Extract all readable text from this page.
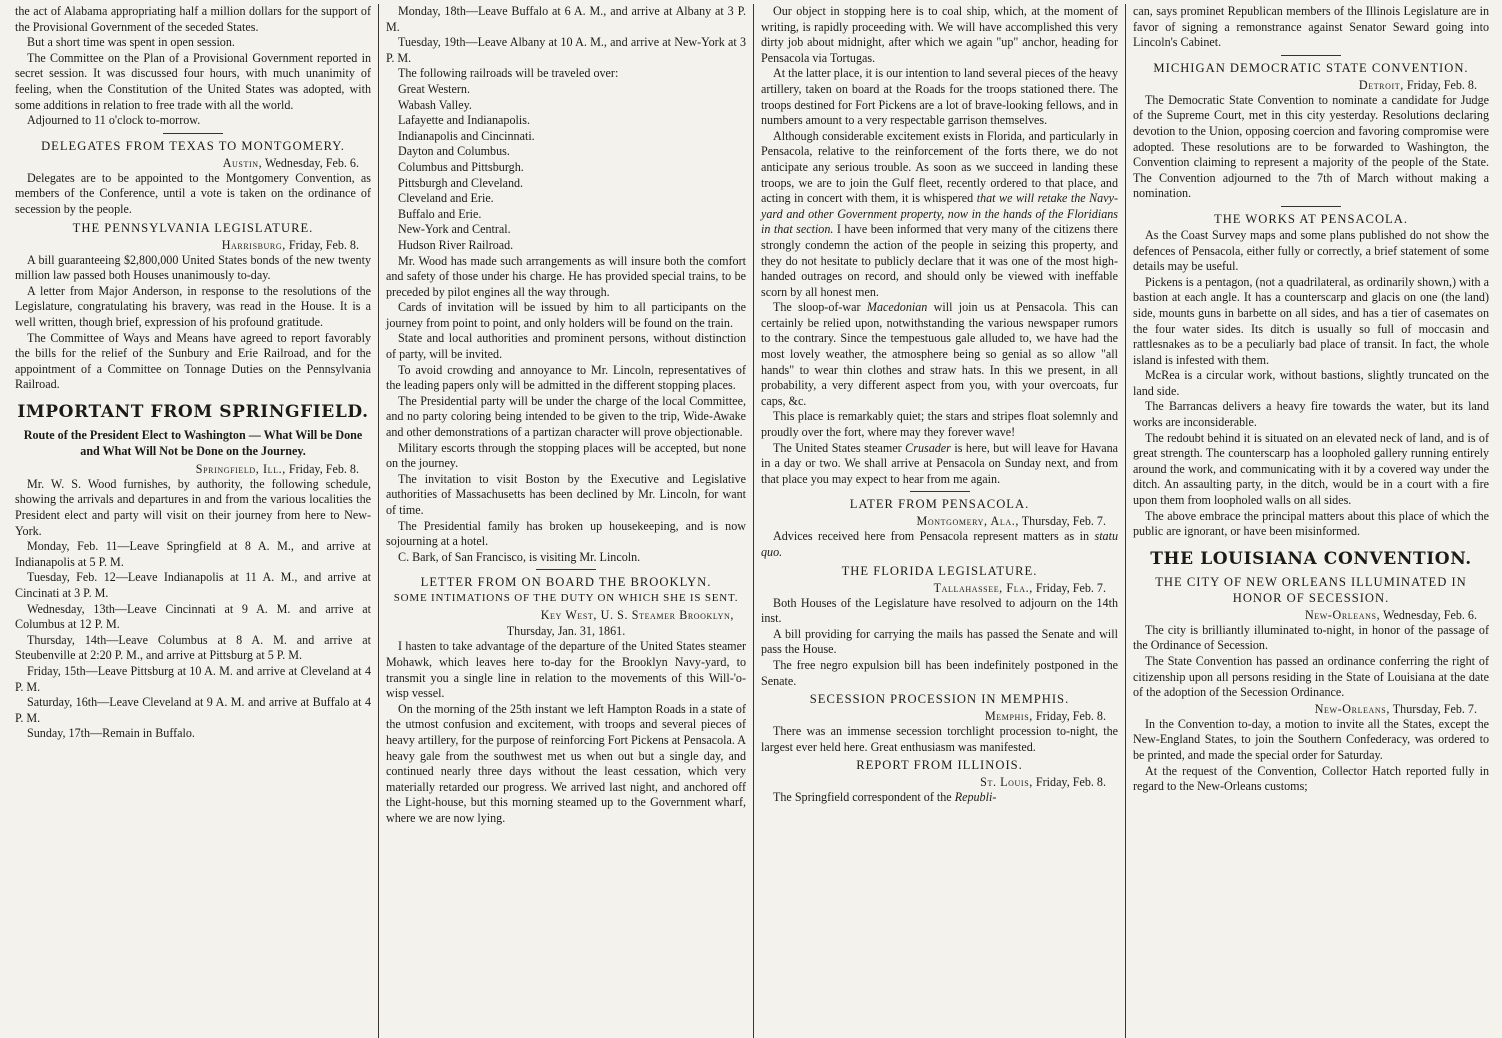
the act of Alabama appropriating half a million dollars for the support of the Provisional Government of the seceded States.

But a short time was spent in open session.

The Committee on the Plan of a Provisional Government reported in secret session. It was discussed four hours, with much unanimity of feeling, when the Constitution of the United States was adopted, with some additions in relation to free trade with all the world.

Adjourned to 11 o'clock to-morrow.

DELEGATES FROM TEXAS TO MONTGOMERY.
Austin, Wednesday, Feb. 6.

Delegates are to be appointed to the Montgomery Convention, as members of the Conference, until a vote is taken on the ordinance of secession by the people.

THE PENNSYLVANIA LEGISLATURE.
Harrisburg, Friday, Feb. 8.

A bill guaranteeing $2,800,000 United States bonds of the new twenty million law passed both Houses unanimously to-day.

A letter from Major Anderson, in response to the resolutions of the Legislature, congratulating his bravery, was read in the House. It is a well written, though brief, expression of his profound gratitude.

The Committee of Ways and Means have agreed to report favorably the bills for the relief of the Sunbury and Erie Railroad, and for the appointment of a Committee on Tonnage Duties on the Pennsylvania Railroad.

IMPORTANT FROM SPRINGFIELD.
Route of the President Elect to Washington — What Will be Done and What Will Not be Done on the Journey.
Springfield, Ill., Friday, Feb. 8.

Mr. W. S. Wood furnishes, by authority, the following schedule, showing the arrivals and departures in and from the various localities the President elect and party will visit on their journey from here to New-York.

Monday, Feb. 11—Leave Springfield at 8 A. M., and arrive at Indianapolis at 5 P. M.

Tuesday, Feb. 12—Leave Indianapolis at 11 A. M., and arrive at Cincinati at 3 P. M.

Wednesday, 13th—Leave Cincinnati at 9 A. M. and arrive at Columbus at 12 P. M.

Thursday, 14th—Leave Columbus at 8 A. M. and arrive at Steubenville at 2:20 P. M., and arrive at Pittsburg at 5 P. M.

Friday, 15th—Leave Pittsburg at 10 A. M. and arrive at Cleveland at 4 P. M.

Saturday, 16th—Leave Cleveland at 9 A. M. and arrive at Buffalo at 4 P. M.

Sunday, 17th—Remain in Buffalo.

Monday, 18th—Leave Buffalo at 6 A. M., and arrive at Albany at 3 P. M.

Tuesday, 19th—Leave Albany at 10 A. M., and arrive at New-York at 3 P. M.

The following railroads will be traveled over:

Great Western.
Wabash Valley.
Lafayette and Indianapolis.
Indianapolis and Cincinnati.
Dayton and Columbus.
Columbus and Pittsburgh.
Pittsburgh and Cleveland.
Cleveland and Erie.
Buffalo and Erie.
New-York and Central.
Hudson River Railroad.

Mr. Wood has made such arrangements as will insure both the comfort and safety of those under his charge. He has provided special trains, to be preceded by pilot engines all the way through.

Cards of invitation will be issued by him to all participants on the journey from point to point, and only holders will be found on the train.

State and local authorities and prominent persons, without distinction of party, will be invited.

To avoid crowding and annoyance to Mr. Lincoln, representatives of the leading papers only will be admitted in the different stopping places.

The Presidential party will be under the charge of the local Committee, and no party coloring being intended to be given to the trip, Wide-Awake and other demonstrations of a partizan character will prove objectionable.

Military escorts through the stopping places will be accepted, but none on the journey.

The invitation to visit Boston by the Executive and Legislative authorities of Massachusetts has been declined by Mr. Lincoln, for want of time.

The Presidential family has broken up housekeeping, and is now sojourning at a hotel.

C. Bark, of San Francisco, is visiting Mr. Lincoln.

LETTER FROM ON BOARD THE BROOKLYN.
SOME INTIMATIONS OF THE DUTY ON WHICH SHE IS SENT.
Key West, U. S. Steamer Brooklyn,
Thursday, Jan. 31, 1861.

I hasten to take advantage of the departure of the United States steamer Mohawk, which leaves here to-day for the Brooklyn Navy-yard, to transmit you a single line in relation to the movements of this Will-'o-wisp vessel.

On the morning of the 25th instant we left Hampton Roads in a state of the utmost confusion and excitement, with troops and several pieces of heavy artillery, for the purpose of reinforcing Fort Pickens at Pensacola. A heavy gale from the southwest met us when out but a single day, and continued nearly three days without the least cessation, which very materially retarded our progress. We arrived last night, and anchored off the Light-house, but this morning steamed up to the Government wharf, where we are now lying.

Our object in stopping here is to coal ship, which, at the moment of writing, is rapidly proceeding with. We will have accomplished this very dirty job about midnight, after which we again "up" anchor, heading for Pensacola via Tortugas.

At the latter place, it is our intention to land several pieces of the heavy artillery, taken on board at the Roads for the troops stationed there. The troops destined for Fort Pickens are a lot of brave-looking fellows, and in numbers amount to a very respectable garrison themselves.

Although considerable excitement exists in Florida, and particularly in Pensacola, relative to the reinforcement of the forts there, we do not anticipate any serious trouble. As soon as we succeed in landing these troops, we are to join the Gulf fleet, recently ordered to that place, and acting in concert with them, it is whispered that we will retake the Navy-yard and other Government property, now in the hands of the Floridians in that section. I have been informed that very many of the citizens there strongly condemn the action of the people in seizing this property, and they do not hesitate to publicly declare that it was one of the most high-handed outrages on record, and should only be viewed with ineffable scorn by all honest men.

The sloop-of-war Macedonian will join us at Pensacola. This can certainly be relied upon, notwithstanding the various newspaper rumors to the contrary. Since the tempestuous gale alluded to, we have had the most lovely weather, the atmosphere being so genial as so allow "all hands" to wear thin clothes and straw hats. In this we present, in all probability, a very different aspect from you, with your overcoats, fur caps, &c.

This place is remarkably quiet; the stars and stripes float solemnly and proudly over the fort, where may they forever wave!

The United States steamer Crusader is here, but will leave for Havana in a day or two. We shall arrive at Pensacola on Sunday next, and from that place you may expect to hear from me again.

LATER FROM PENSACOLA.
Montgomery, Ala., Thursday, Feb. 7.

Advices received here from Pensacola represent matters as in statu quo.

THE FLORIDA LEGISLATURE.
Tallahassee, Fla., Friday, Feb. 7.

Both Houses of the Legislature have resolved to adjourn on the 14th inst.

A bill providing for carrying the mails has passed the Senate and will pass the House.

The free negro expulsion bill has been indefinitely postponed in the Senate.

SECESSION PROCESSION IN MEMPHIS.
Memphis, Friday, Feb. 8.

There was an immense secession torchlight procession to-night, the largest ever held here. Great enthusiasm was manifested.

REPORT FROM ILLINOIS.
St. Louis, Friday, Feb. 8.

The Springfield correspondent of the Republi-

can, says prominet Republican members of the Illinois Legislature are in favor of signing a remonstrance against Senator Seward going into Lincoln's Cabinet.

MICHIGAN DEMOCRATIC STATE CONVENTION.
Detroit, Friday, Feb. 8.

The Democratic State Convention to nominate a candidate for Judge of the Supreme Court, met in this city yesterday. Resolutions declaring devotion to the Union, opposing coercion and favoring compromise were adopted. These resolutions are to be forwarded to Washington, the Convention claiming to represent a majority of the people of the State. The Convention adjourned to the 7th of March without making a nomination.

THE WORKS AT PENSACOLA.

As the Coast Survey maps and some plans published do not show the defences of Pensacola, either fully or correctly, a brief statement of some details may be useful.

Pickens is a pentagon, (not a quadrilateral, as ordinarily shown,) with a bastion at each angle. It has a counterscarp and glacis on one (the land) side, mounts guns in barbette on all sides, and has a tier of casemates on the four water sides. Its ditch is usually so full of moccasin and rattlesnakes as to be a peculiarly bad place of transit. In fact, the whole island is infested with them.

McRea is a circular work, without bastions, slightly truncated on the land side.

The Barrancas delivers a heavy fire towards the water, but its land works are inconsiderable.

The redoubt behind it is situated on an elevated neck of land, and is of great strength. The counterscarp has a loopholed gallery running entirely around the work, and communicating with it by a covered way under the ditch. An assaulting party, in the ditch, would be in a court with a fire upon them from loopholed walls on all sides.

The above embrace the principal matters about this place of which the public are ignorant, or have been misinformed.

THE LOUISIANA CONVENTION.
THE CITY OF NEW ORLEANS ILLUMINATED IN HONOR OF SECESSION.
New-Orleans, Wednesday, Feb. 6.

The city is brilliantly illuminated to-night, in honor of the passage of the Ordinance of Secession.

The State Convention has passed an ordinance conferring the right of citizenship upon all persons residing in the State of Louisiana at the date of the adoption of the Secession Ordinance.

New-Orleans, Thursday, Feb. 7.

In the Convention to-day, a motion to invite all the States, except the New-England States, to join the Southern Confederacy, was ordered to be printed, and made the special order for Saturday.

At the request of the Convention, Collector Hatch reported fully in regard to the New-Orleans customs;
